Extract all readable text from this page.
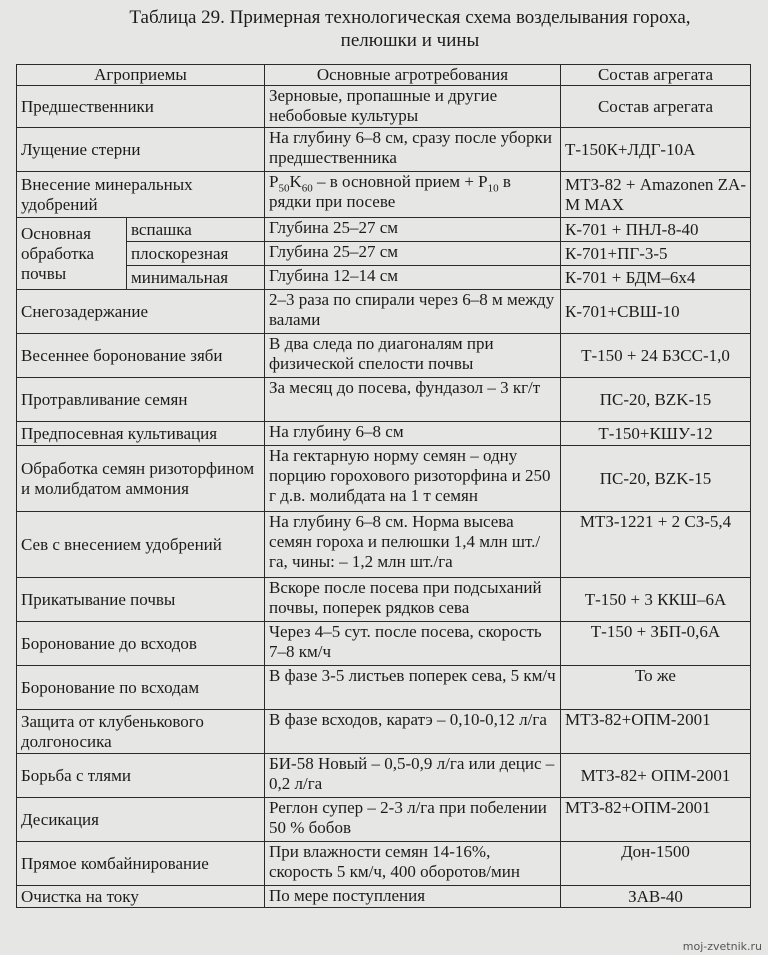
Таблица 29. Примерная технологическая схема возделывания гороха,
пелюшки и чины
Агроприемы		Основные агротребования	Состав агрегата
Предшественники		Зерновые, пропашные и другие небобовые культуры	Состав агрегата
Лущение стерни		На глубину 6–8 см, сразу после уборки предшественника	Т-150К+ЛДГ-10А
Внесение минеральных удобрений		$P_{50}K_{60}$ – в основной прием + $P_{10}$ в рядки при посеве	МТЗ-82 + Amazonen ZA-M MAX
Основная обработка почвы	вспашка	Глубина 25–27 см	К-701 + ПНЛ-8-40
	плоскорезная	Глубина 25–27 см	К-701+ПГ-3-5
	минимальная	Глубина 12–14 см	К-701 + БДМ–6х4
Снегозадержание		2–3 раза по спирали через 6–8 м между валами	К-701+СВШ-10
Весеннее боронование зяби		В два следа по диагоналям при физической спелости почвы	Т-150 + 24 БЗСС-1,0
Протравливание семян		За месяц до посева, фундазол – 3 кг/т	ПС-20, BZK-15
Предпосевная культивация		На глубину 6–8 см	Т-150+КШУ-12
Обработка семян ризоторфином и молибдатом аммония		На гектарную норму семян – одну порцию горохового ризоторфина и 250 г д.в. молибдата на 1 т семян	ПС-20, BZK-15
Сев с внесением удобрений		На глубину 6–8 см. Норма высева семян гороха и пелюшки 1,4 млн шт./га, чины: – 1,2 млн шт./га	МТЗ-1221 + 2 СЗ-5,4
Прикатывание почвы		Вскоре после посева при подсыханий почвы, поперек рядков сева	Т-150 + 3 ККШ–6А
Боронование до всходов		Через 4–5 сут. после посева, скорость 7–8 км/ч	Т-150 + ЗБП-0,6А
Боронование по всходам		В фазе 3-5 листьев поперек сева, 5 км/ч	То же
Защита от клубенькового долгоносика		В фазе всходов, каратэ – 0,10-0,12 л/га	МТЗ-82+ОПМ-2001
Борьба с тлями		БИ-58 Новый – 0,5-0,9 л/га или децис – 0,2 л/га	МТЗ-82+ ОПМ-2001
Десикация		Реглон супер – 2-3 л/га при побелении 50 % бобов	МТЗ-82+ОПМ-2001
Прямое комбайнирование		При влажности семян 14-16%, скорость 5 км/ч, 400 оборотов/мин	Дон-1500
Очистка на току		По мере поступления	ЗАВ-40
moj-zvetnik.ru
